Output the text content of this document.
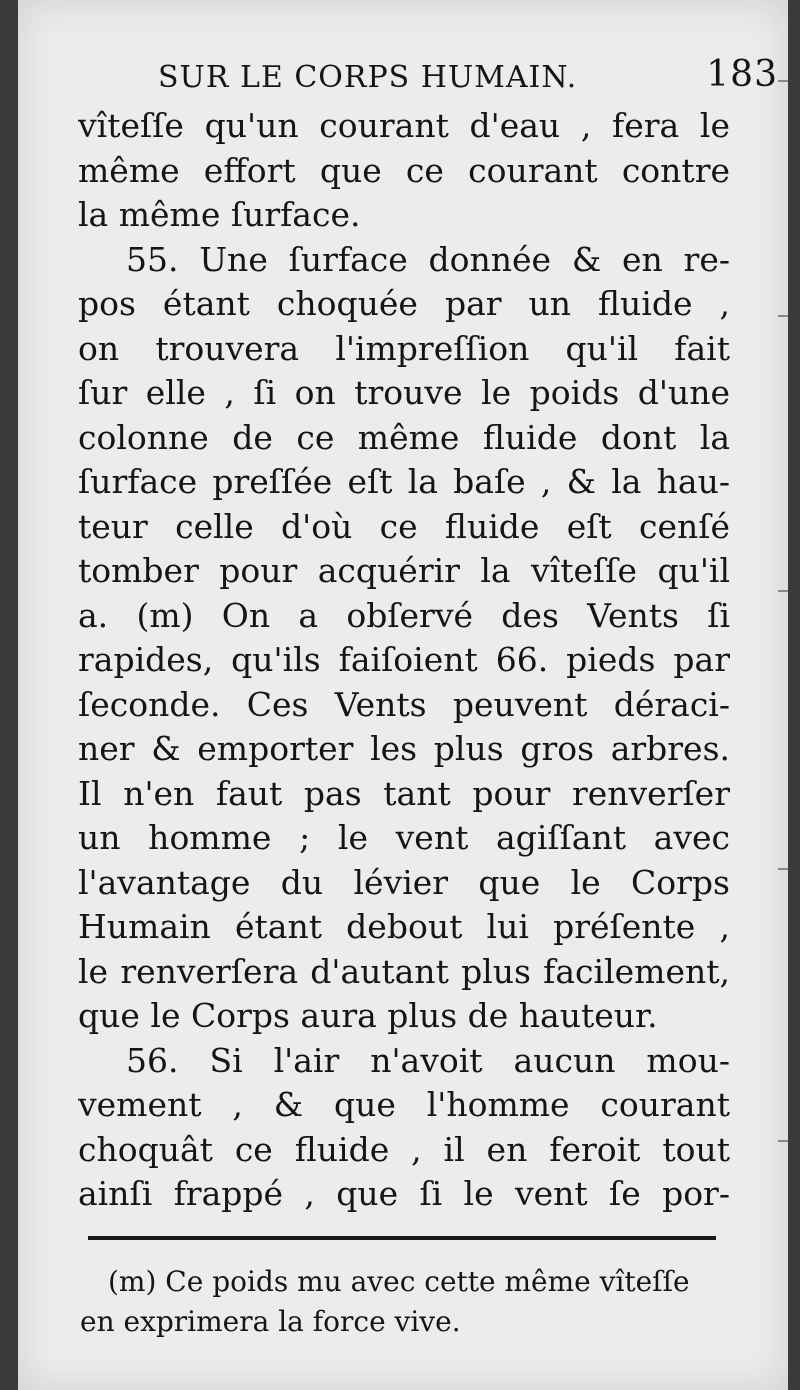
SUR LE CORPS HUMAIN.	183
vîteſſe qu'un courant d'eau , fera le
même effort que ce courant contre
la même ſurface.
55. Une ſurface donnée & en re-
pos étant choquée par un fluide ,
on trouvera l'impreſſion qu'il fait
ſur elle , ſi on trouve le poids d'une
colonne de ce même fluide dont la
ſurface preſſée eſt la baſe , & la hau-
teur celle d'où ce fluide eſt cenſé
tomber pour acquérir la vîteſſe qu'il
a. (m) On a obſervé des Vents ſi
rapides, qu'ils faiſoient 66. pieds par
ſeconde. Ces Vents peuvent déraci-
ner & emporter les plus gros arbres.
Il n'en faut pas tant pour renverſer
un homme ; le vent agiſſant avec
l'avantage du lévier que le Corps
Humain étant debout lui préſente ,
le renverſera d'autant plus facilement,
que le Corps aura plus de hauteur.
56. Si l'air n'avoit aucun mou-
vement , & que l'homme courant
choquât ce fluide , il en feroit tout
ainſi frappé , que ſi le vent ſe por-
(m) Ce poids mu avec cette même vîteſſe
en exprimera la force vive.
